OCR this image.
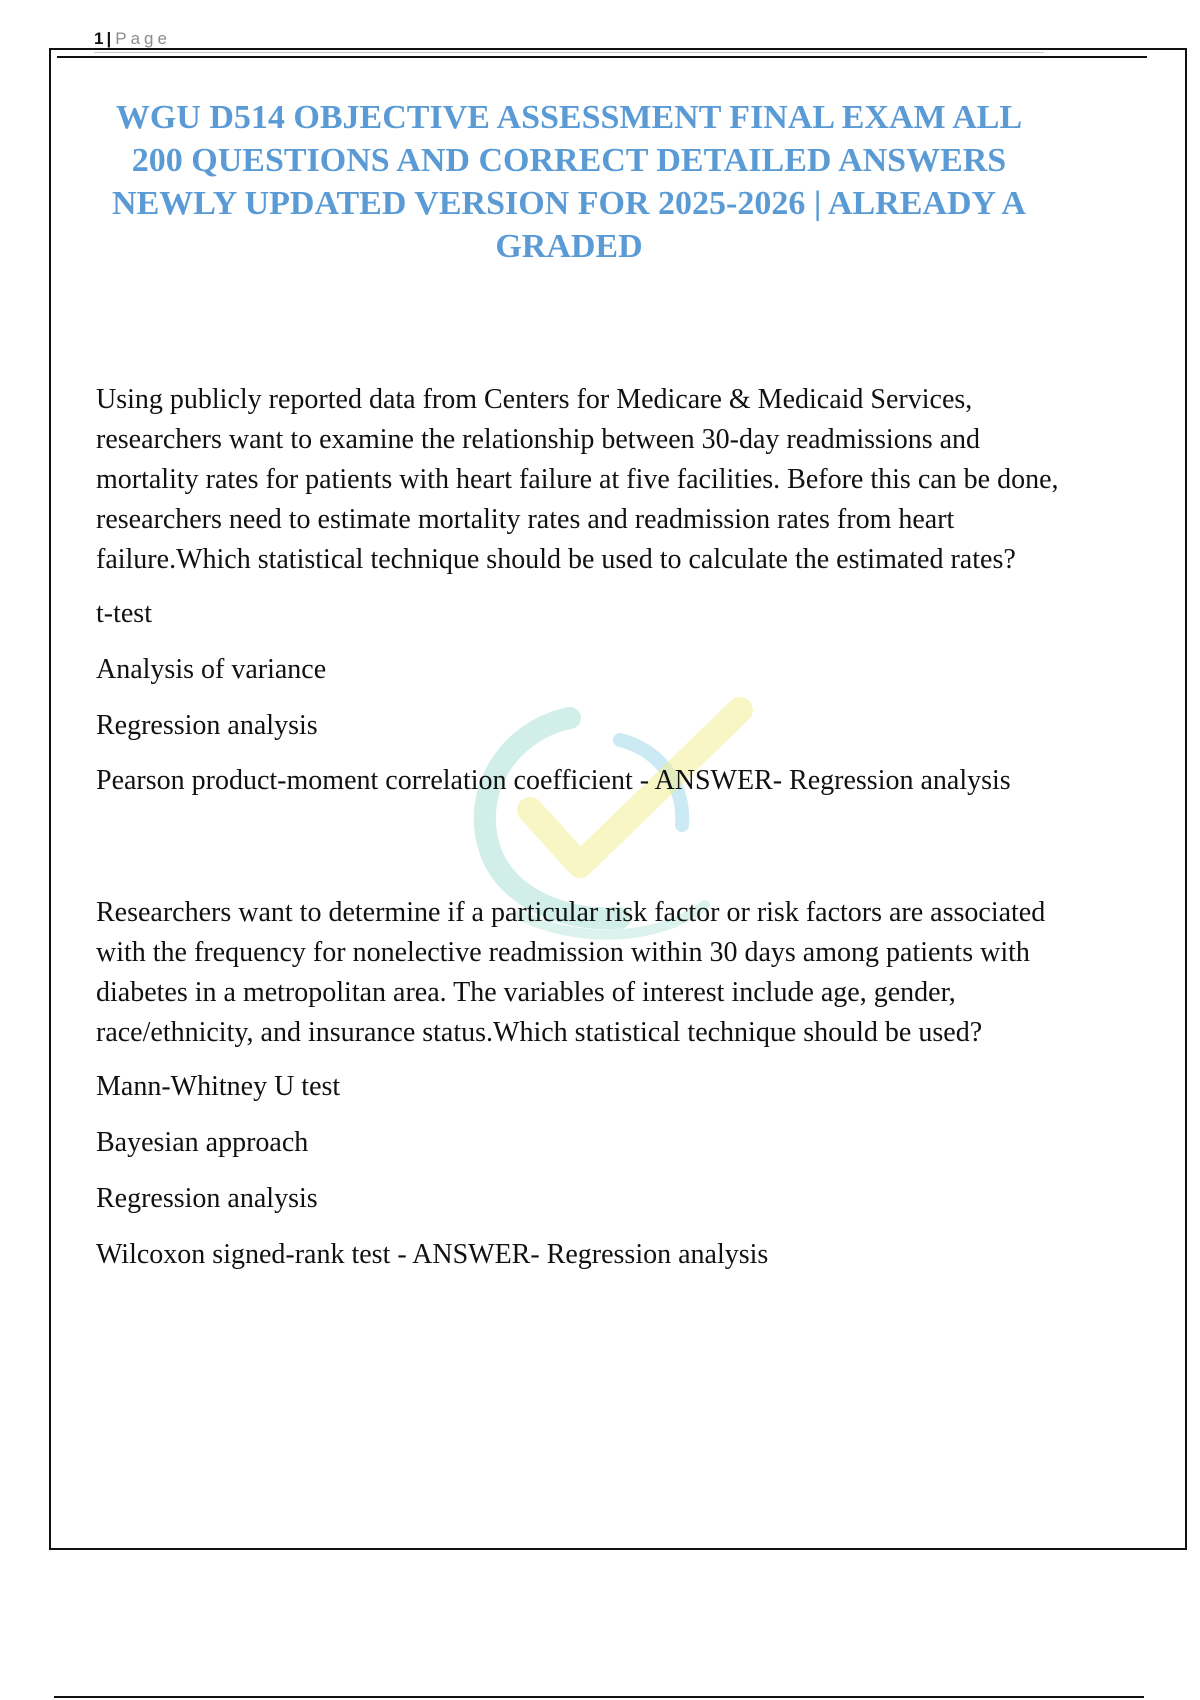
1 | Page
WGU D514 OBJECTIVE ASSESSMENT FINAL EXAM ALL 200 QUESTIONS AND CORRECT DETAILED ANSWERS NEWLY UPDATED VERSION FOR 2025-2026 | ALREADY A GRADED

Using publicly reported data from Centers for Medicare & Medicaid Services, researchers want to examine the relationship between 30-day readmissions and mortality rates for patients with heart failure at five facilities. Before this can be done, researchers need to estimate mortality rates and readmission rates from heart failure.Which statistical technique should be used to calculate the estimated rates?

t-test

Analysis of variance

Regression analysis

Pearson product-moment correlation coefficient - ANSWER- Regression analysis

Researchers want to determine if a particular risk factor or risk factors are associated with the frequency for nonelective readmission within 30 days among patients with diabetes in a metropolitan area. The variables of interest include age, gender, race/ethnicity, and insurance status.Which statistical technique should be used?

Mann-Whitney U test

Bayesian approach

Regression analysis

Wilcoxon signed-rank test - ANSWER- Regression analysis
